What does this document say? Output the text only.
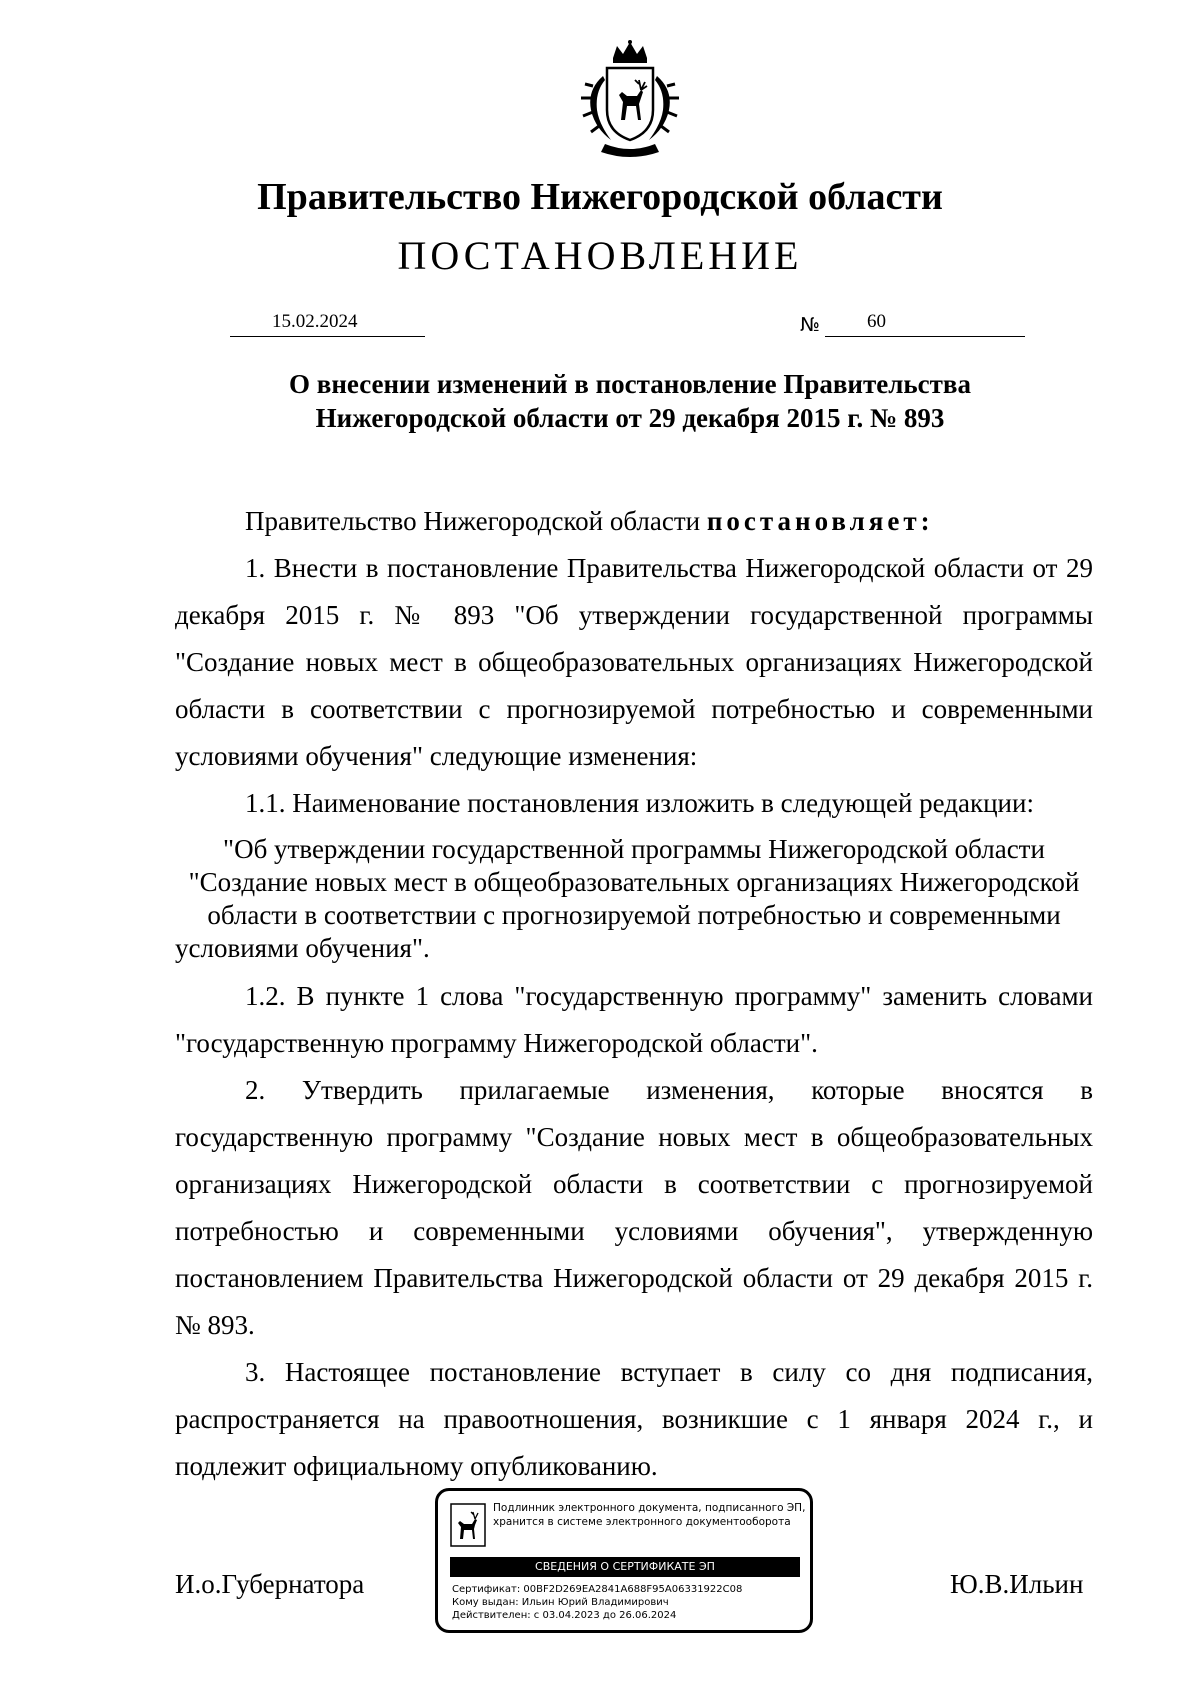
Правительство Нижегородской области
ПОСТАНОВЛЕНИЕ
15.02.2024	№ 60
О внесении изменений в постановление Правительства
Нижегородской области от 29 декабря 2015 г. № 893

Правительство Нижегородской области постановляет:

1. Внести в постановление Правительства Нижегородской области от 29 декабря 2015 г. № 893 "Об утверждении государственной программы "Создание новых мест в общеобразовательных организациях Нижегородской области в соответствии с прогнозируемой потребностью и современными условиями обучения" следующие изменения:

1.1. Наименование постановления изложить в следующей редакции:

"Об утверждении государственной программы Нижегородской области "Создание новых мест в общеобразовательных организациях Нижегородской области в соответствии с прогнозируемой потребностью и современными условиями обучения".

1.2. В пункте 1 слова "государственную программу" заменить словами "государственную программу Нижегородской области".

2. Утвердить прилагаемые изменения, которые вносятся в государственную программу "Создание новых мест в общеобразовательных организациях Нижегородской области в соответствии с прогнозируемой потребностью и современными условиями обучения", утвержденную постановлением Правительства Нижегородской области от 29 декабря 2015 г. № 893.

3. Настоящее постановление вступает в силу со дня подписания, распространяется на правоотношения, возникшие с 1 января 2024 г., и подлежит официальному опубликованию.

И.о.Губернатора	Ю.В.Ильин
Подлинник электронного документа, подписанного ЭП,
хранится в системе электронного документооборота
СВЕДЕНИЯ О СЕРТИФИКАТЕ ЭП
Сертификат: 00BF2D269EA2841A688F95A06331922C08
Кому выдан: Ильин Юрий Владимирович
Действителен: с 03.04.2023 до 26.06.2024
